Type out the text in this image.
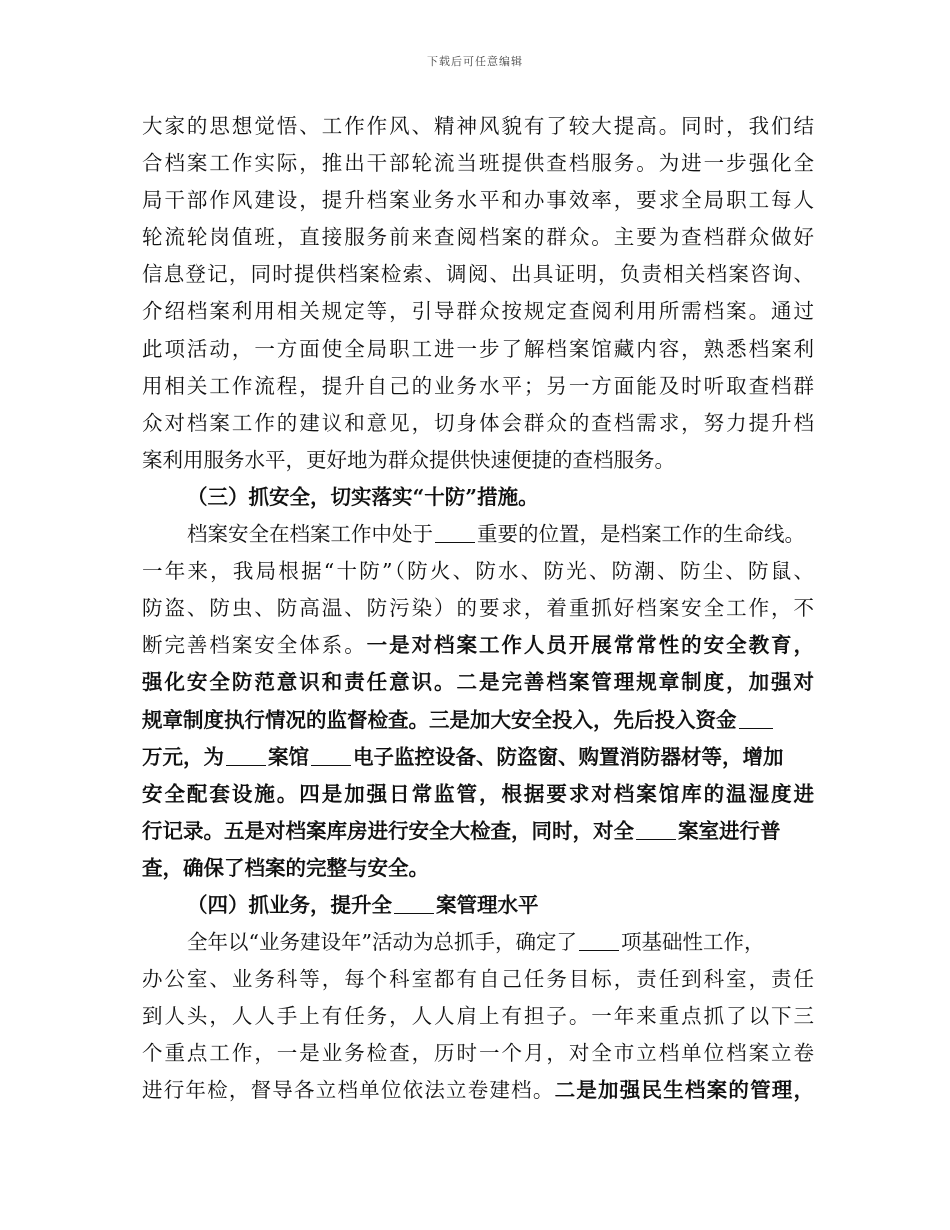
下载后可任意编辑
大家的思想觉悟、工作作风、精神风貌有了较大提高。同时，我们结
合档案工作实际，推出干部轮流当班提供查档服务。为进一步强化全
局干部作风建设，提升档案业务水平和办事效率，要求全局职工每人
轮流轮岗值班，直接服务前来查阅档案的群众。主要为查档群众做好
信息登记，同时提供档案检索、调阅、出具证明，负责相关档案咨询、
介绍档案利用相关规定等，引导群众按规定查阅利用所需档案。通过
此项活动，一方面使全局职工进一步了解档案馆藏内容，熟悉档案利
用相关工作流程，提升自己的业务水平；另一方面能及时听取查档群
众对档案工作的建议和意见，切身体会群众的查档需求，努力提升档
案利用服务水平，更好地为群众提供快速便捷的查档服务。
（三）抓安全，切实落实“十防”措施。
档案安全在档案工作中处于 重要的位置，是档案工作的生命线。
一年来，我局根据“十防”（防火、防水、防光、防潮、防尘、防鼠、
防盗、防虫、防高温、防污染）的要求，着重抓好档案安全工作，不
断完善档案安全体系。一是对档案工作人员开展常常性的安全教育，
强化安全防范意识和责任意识。二是完善档案管理规章制度，加强对
规章制度执行情况的监督检查。三是加大安全投入，先后投入资金
万元，为 案馆 电子监控设备、防盗窗、购置消防器材等，增加
安全配套设施。四是加强日常监管，根据要求对档案馆库的温湿度进
行记录。五是对档案库房进行安全大检查，同时，对全 案室进行普
查，确保了档案的完整与安全。
（四）抓业务，提升全 案管理水平
全年以“业务建设年”活动为总抓手，确定了 项基础性工作，
办公室、业务科等，每个科室都有自己任务目标，责任到科室，责任
到人头，人人手上有任务，人人肩上有担子。一年来重点抓了以下三
个重点工作，一是业务检查，历时一个月，对全市立档单位档案立卷
进行年检，督导各立档单位依法立卷建档。二是加强民生档案的管理，
